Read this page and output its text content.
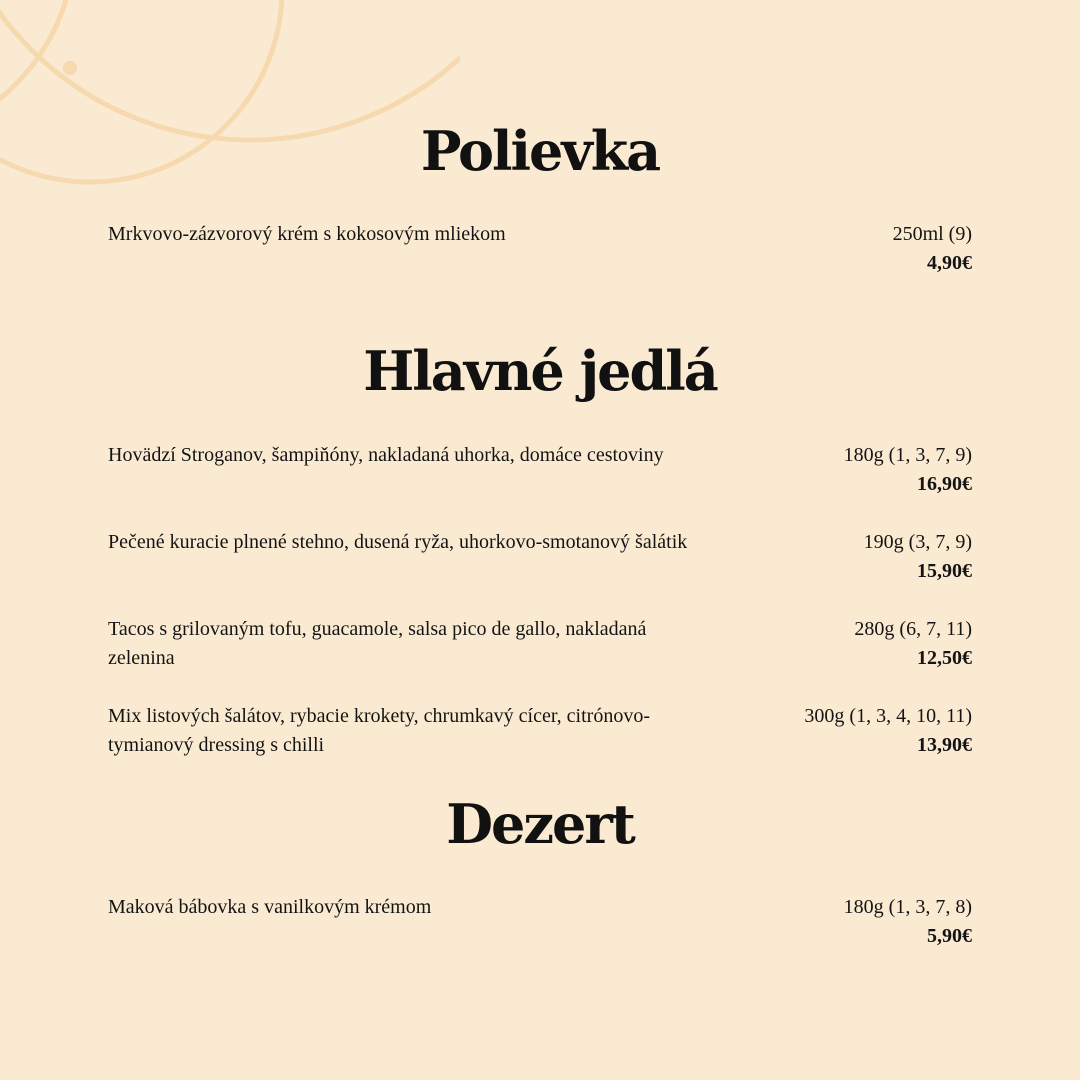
Polievka
Mrkvovo-zázvorový krém s kokosovým mliekom	250ml (9)
4,90€
Hlavné jedlá
Hovädzí Stroganov, šampiňóny, nakladaná uhorka, domáce cestoviny	180g (1, 3, 7, 9)
16,90€
Pečené kuracie plnené stehno, dusená ryža, uhorkovo-smotanový šalátik	190g (3, 7, 9)
15,90€
Tacos s grilovaným tofu, guacamole, salsa pico de gallo, nakladaná zelenina
280g (6, 7, 11)
12,50€
Mix listových šalátov, rybacie krokety, chrumkavý cícer, citrónovo-tymianový dressing s chilli
300g (1, 3, 4, 10, 11)
13,90€
Dezert
Maková bábovka s vanilkovým krémom	180g (1, 3, 7, 8)
5,90€
